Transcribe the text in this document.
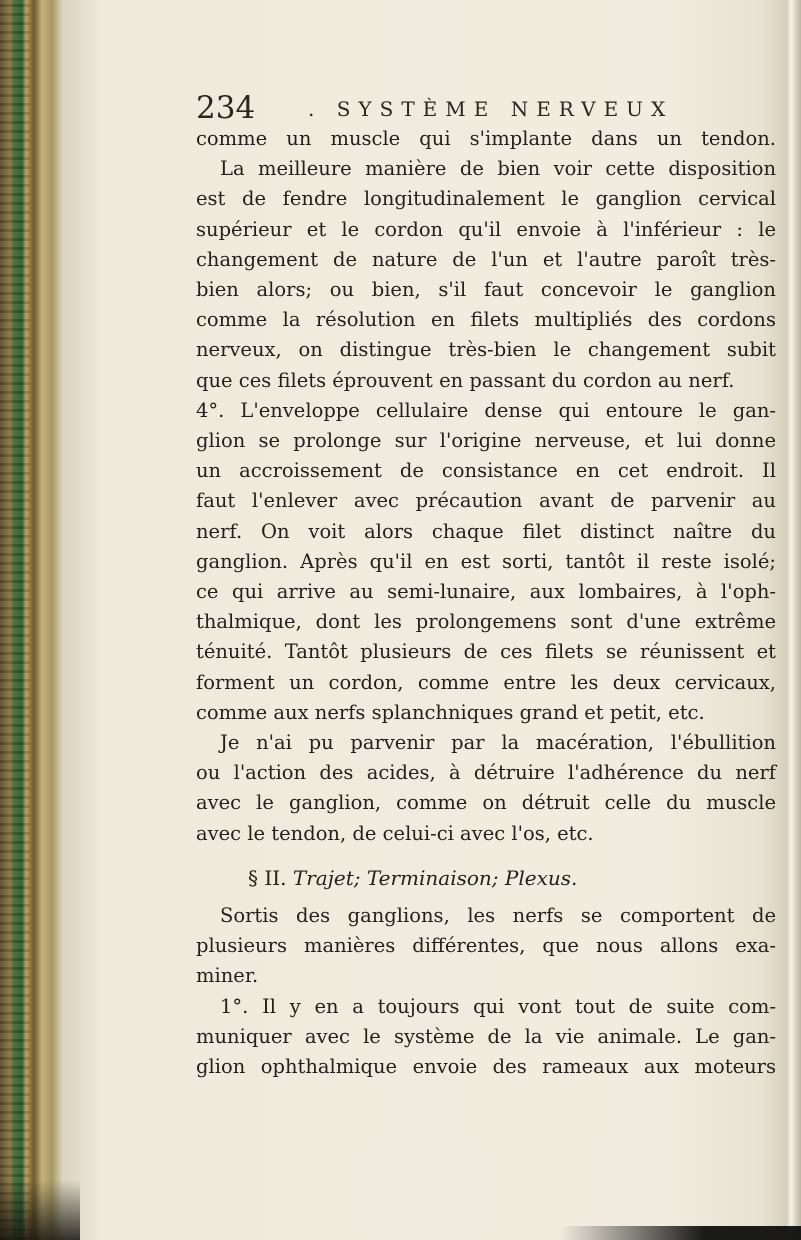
234	. SYSTÈME NERVEUX

comme un muscle qui s'implante dans un tendon.
La meilleure manière de bien voir cette disposition
est de fendre longitudinalement le ganglion cervical
supérieur et le cordon qu'il envoie à l'inférieur : le
changement de nature de l'un et l'autre paroît très-
bien alors; ou bien, s'il faut concevoir le ganglion
comme la résolution en filets multipliés des cordons
nerveux, on distingue très-bien le changement subit
que ces filets éprouvent en passant du cordon au nerf.

4°. L'enveloppe cellulaire dense qui entoure le gan-
glion se prolonge sur l'origine nerveuse, et lui donne
un accroissement de consistance en cet endroit. Il
faut l'enlever avec précaution avant de parvenir au
nerf. On voit alors chaque filet distinct naître du
ganglion. Après qu'il en est sorti, tantôt il reste isolé;
ce qui arrive au semi-lunaire, aux lombaires, à l'oph-
thalmique, dont les prolongemens sont d'une extrême
ténuité. Tantôt plusieurs de ces filets se réunissent et
forment un cordon, comme entre les deux cervicaux,
comme aux nerfs splanchniques grand et petit, etc.

Je n'ai pu parvenir par la macération, l'ébullition
ou l'action des acides, à détruire l'adhérence du nerf
avec le ganglion, comme on détruit celle du muscle
avec le tendon, de celui-ci avec l'os, etc.

§ II. Trajet; Terminaison; Plexus.

Sortis des ganglions, les nerfs se comportent de
plusieurs manières différentes, que nous allons exa-
miner.

1°. Il y en a toujours qui vont tout de suite com-
muniquer avec le système de la vie animale. Le gan-
glion ophthalmique envoie des rameaux aux moteurs
